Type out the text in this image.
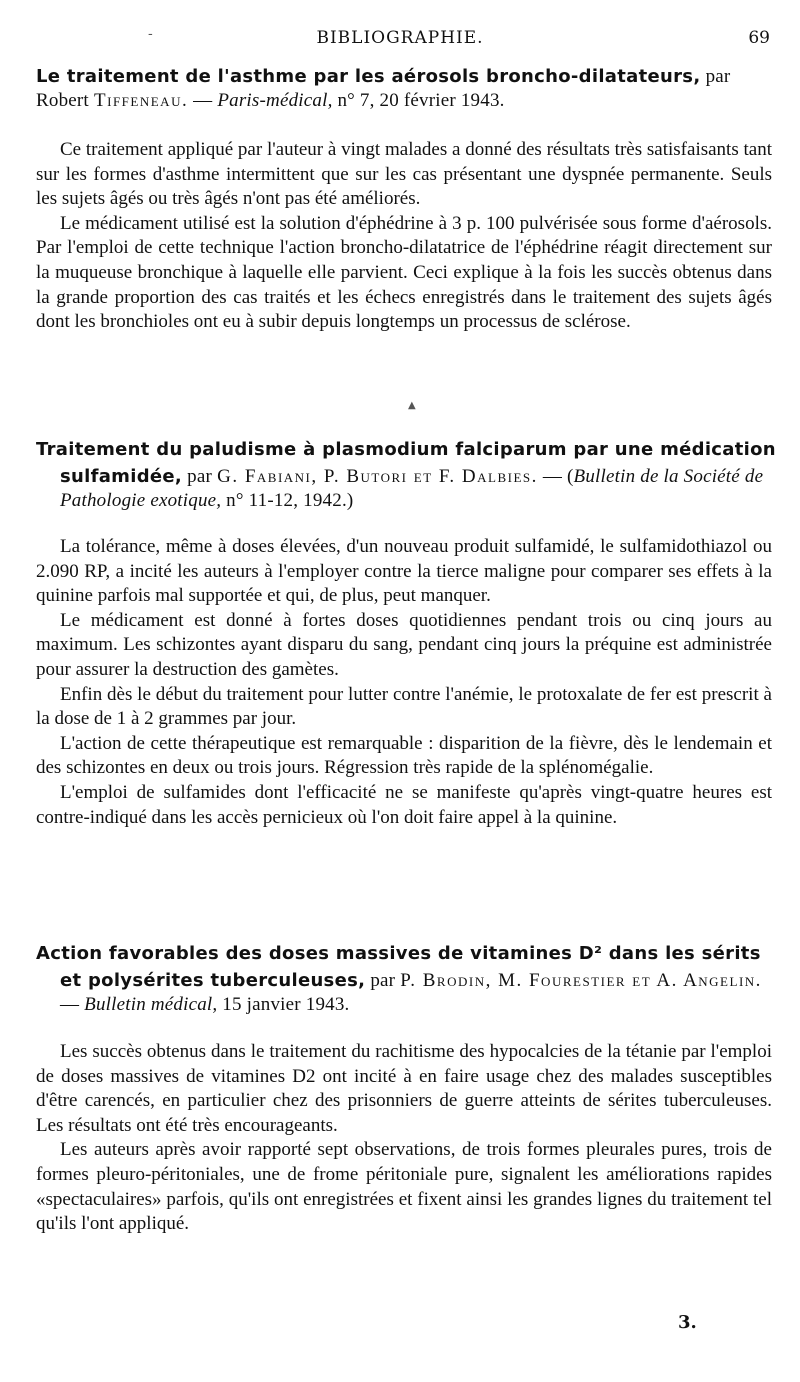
-	BIBLIOGRAPHIE.	69
Le traitement de l'asthme par les aérosols broncho-dilatateurs, par
Robert Tiffeneau. — Paris-médical, n° 7, 20 février 1943.

Ce traitement appliqué par l'auteur à vingt malades a donné des résultats très satisfaisants tant sur les formes d'asthme intermittent que sur les cas présentant une dyspnée permanente. Seuls les sujets âgés ou très âgés n'ont pas été améliorés.

Le médicament utilisé est la solution d'éphédrine à 3 p. 100 pulvérisée sous forme d'aérosols. Par l'emploi de cette technique l'action broncho-dilatatrice de l'éphédrine réagit directement sur la muqueuse bronchique à laquelle elle parvient. Ceci explique à la fois les succès obtenus dans la grande proportion des cas traités et les échecs enregistrés dans le traitement des sujets âgés dont les bronchioles ont eu à subir depuis longtemps un processus de sclérose.

▲
Traitement du paludisme à plasmodium falciparum par une médication

sulfamidée, par G. Fabiani, P. Butori et F. Dalbies. — (Bulletin de la Société de Pathologie exotique, n° 11-12, 1942.)

La tolérance, même à doses élevées, d'un nouveau produit sulfamidé, le sulfamidothiazol ou 2.090 RP, a incité les auteurs à l'employer contre la tierce maligne pour comparer ses effets à la quinine parfois mal supportée et qui, de plus, peut manquer.

Le médicament est donné à fortes doses quotidiennes pendant trois ou cinq jours au maximum. Les schizontes ayant disparu du sang, pendant cinq jours la préquine est administrée pour assurer la destruction des gamètes.

Enfin dès le début du traitement pour lutter contre l'anémie, le protoxalate de fer est prescrit à la dose de 1 à 2 grammes par jour.

L'action de cette thérapeutique est remarquable : disparition de la fièvre, dès le lendemain et des schizontes en deux ou trois jours. Régression très rapide de la splénomégalie.

L'emploi de sulfamides dont l'efficacité ne se manifeste qu'après vingt-quatre heures est contre-indiqué dans les accès pernicieux où l'on doit faire appel à la quinine.

Action favorables des doses massives de vitamines D² dans les sérits

et polysérites tuberculeuses, par P. Brodin, M. Fourestier et A. Angelin.
— Bulletin médical, 15 janvier 1943.

Les succès obtenus dans le traitement du rachitisme des hypocalcies de la tétanie par l'emploi de doses massives de vitamines D2 ont incité à en faire usage chez des malades susceptibles d'être carencés, en particulier chez des prisonniers de guerre atteints de sérites tuberculeuses. Les résultats ont été très encourageants.

Les auteurs après avoir rapporté sept observations, de trois formes pleurales pures, trois de formes pleuro-péritoniales, une de frome péritoniale pure, signalent les améliorations rapides «spectaculaires» parfois, qu'ils ont enregistrées et fixent ainsi les grandes lignes du traitement tel qu'ils l'ont appliqué.

3.
